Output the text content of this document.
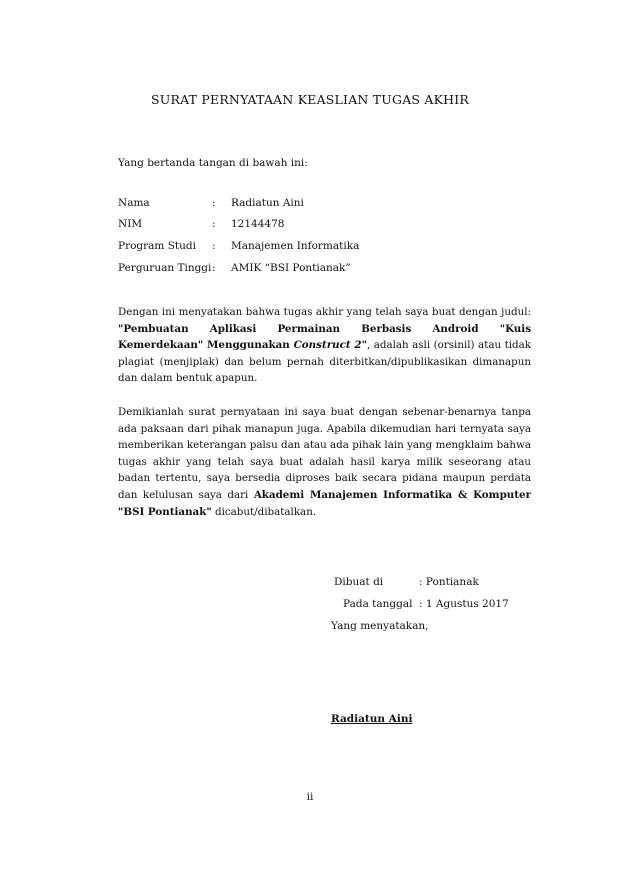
SURAT PERNYATAAN KEASLIAN TUGAS AKHIR
Yang bertanda tangan di bawah ini:
Nama	: Radiatun Aini
NIM	: 12144478
Program Studi : Manajemen Informatika
Perguruan Tinggi : AMIK “BSI Pontianak”

Dengan ini menyatakan bahwa tugas akhir yang telah saya buat dengan judul: "Pembuatan Aplikasi Permainan Berbasis Android "Kuis Kemerdekaan" Menggunakan Construct 2", adalah asli (orsinil) atau tidak plagiat (menjiplak) dan belum pernah diterbitkan/dipublikasikan dimanapun dan dalam bentuk apapun.

Demikianlah surat pernyataan ini saya buat dengan sebenar-benarnya tanpa ada paksaan dari pihak manapun juga. Apabila dikemudian hari ternyata saya memberikan keterangan palsu dan atau ada pihak lain yang mengklaim bahwa tugas akhir yang telah saya buat adalah hasil karya milik seseorang atau badan tertentu, saya bersedia diproses baik secara pidana maupun perdata dan kelulusan saya dari Akademi Manajemen Informatika & Komputer "BSI Pontianak" dicabut/dibatalkan.

Dibuat di	: Pontianak
Pada tanggal : 1 Agustus 2017
Yang menyatakan,
Radiatun Aini
ii
